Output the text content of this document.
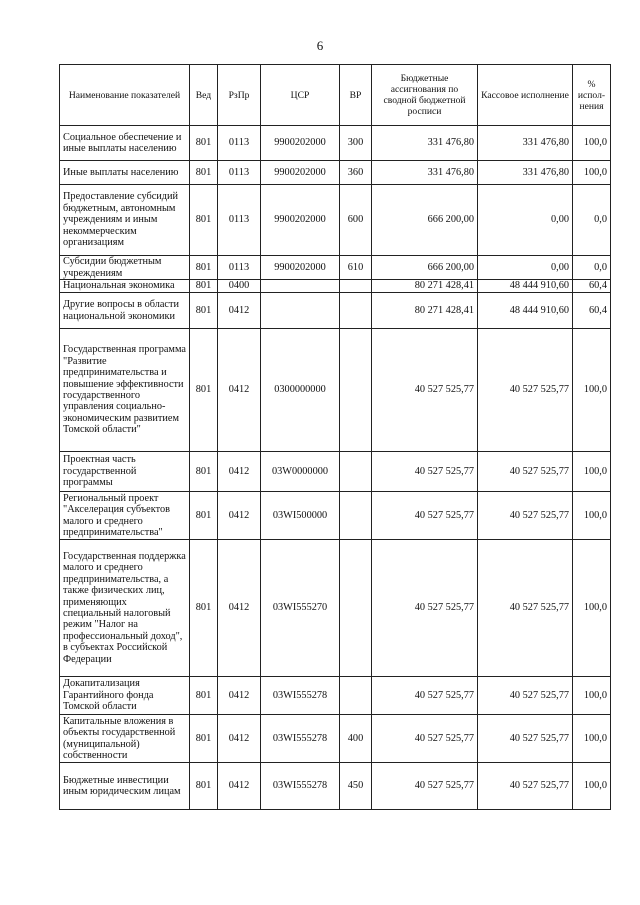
6
Наименование показателей	Вед	РзПр	ЦСР	ВР	Бюджетные ассигнования по сводной бюджетной росписи	Кассовое исполнение	% испол-нения
Социальное обеспечение и иные выплаты населению	801	0113	9900202000	300	331 476,80	331 476,80	100,0
Иные выплаты населению	801	0113	9900202000	360	331 476,80	331 476,80	100,0
Предоставление субсидий бюджетным, автономным учреждениям и иным некоммерческим организациям	801	0113	9900202000	600	666 200,00	0,00	0,0
Субсидии бюджетным учреждениям	801	0113	9900202000	610	666 200,00	0,00	0,0
Национальная экономика	801	0400			80 271 428,41	48 444 910,60	60,4
Другие вопросы в области национальной экономики	801	0412			80 271 428,41	48 444 910,60	60,4
Государственная программа "Развитие предпринимательства и повышение эффективности государственного управления социально-экономическим развитием Томской области"	801	0412	0300000000		40 527 525,77	40 527 525,77	100,0
Проектная часть государственной программы	801	0412	03W0000000		40 527 525,77	40 527 525,77	100,0
Региональный проект "Акселерация субъектов малого и среднего предпринимательства"	801	0412	03WI500000		40 527 525,77	40 527 525,77	100,0
Государственная поддержка малого и среднего предпринимательства, а также физических лиц, применяющих специальный налоговый режим "Налог на профессиональный доход", в субъектах Российской Федерации	801	0412	03WI555270		40 527 525,77	40 527 525,77	100,0
Докапитализация Гарантийного фонда Томской области	801	0412	03WI555278		40 527 525,77	40 527 525,77	100,0
Капитальные вложения в объекты государственной (муниципальной) собственности	801	0412	03WI555278	400	40 527 525,77	40 527 525,77	100,0
Бюджетные инвестиции иным юридическим лицам	801	0412	03WI555278	450	40 527 525,77	40 527 525,77	100,0
